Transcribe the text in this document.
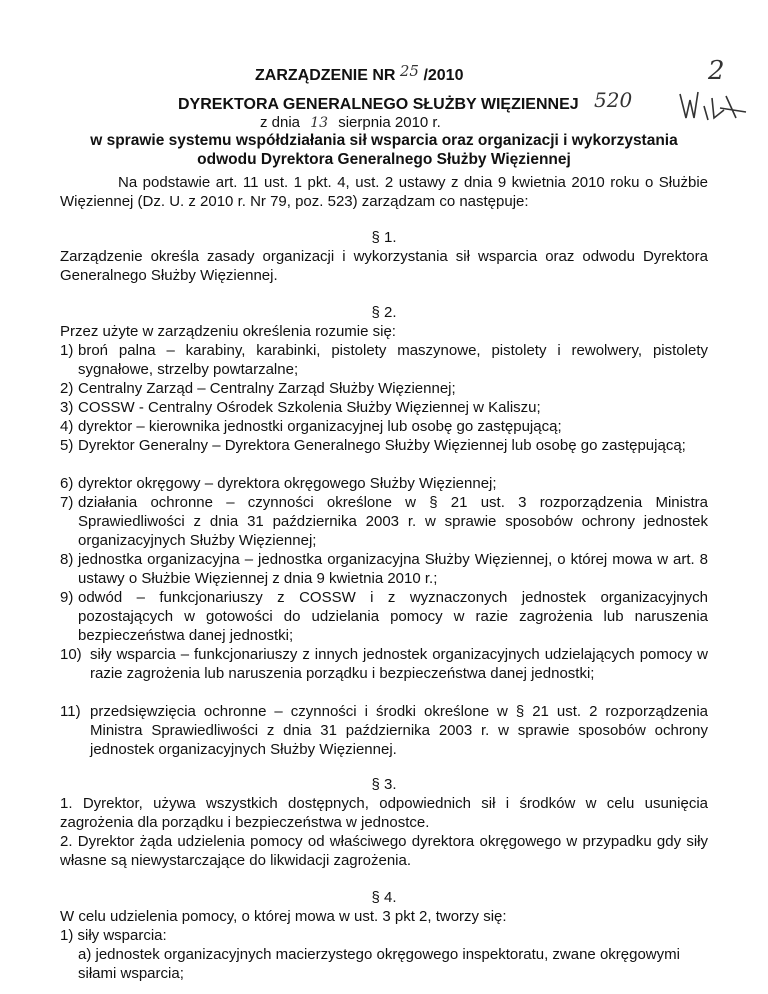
2
520
ZARZĄDZENIE NR 25 /2010
DYREKTORA GENERALNEGO SŁUŻBY WIĘZIENNEJ
z dnia 13 sierpnia 2010 r.
w sprawie systemu współdziałania sił wsparcia oraz organizacji i wykorzystania
odwodu Dyrektora Generalnego Służby Więziennej
Na podstawie art. 11 ust. 1 pkt. 4, ust. 2 ustawy z dnia 9 kwietnia 2010 roku o Służbie Więziennej (Dz. U. z 2010 r. Nr 79, poz. 523) zarządzam co następuje:
§ 1.
Zarządzenie określa zasady organizacji i wykorzystania sił wsparcia oraz odwodu Dyrektora Generalnego Służby Więziennej.
§ 2.
Przez użyte w zarządzeniu określenia rozumie się:
1) broń palna – karabiny, karabinki, pistolety maszynowe, pistolety i rewolwery, pistolety sygnałowe, strzelby powtarzalne;
2) Centralny Zarząd – Centralny Zarząd Służby Więziennej;
3) COSSW - Centralny Ośrodek Szkolenia Służby Więziennej w Kaliszu;
4) dyrektor – kierownika jednostki organizacyjnej lub osobę go zastępującą;
5) Dyrektor Generalny – Dyrektora Generalnego Służby Więziennej lub osobę go zastępującą;
6) dyrektor okręgowy – dyrektora okręgowego Służby Więziennej;
7) działania ochronne – czynności określone w § 21 ust. 3 rozporządzenia Ministra Sprawiedliwości z dnia 31 października 2003 r. w sprawie sposobów ochrony jednostek organizacyjnych Służby Więziennej;
8) jednostka organizacyjna – jednostka organizacyjna Służby Więziennej, o której mowa w art. 8 ustawy o Służbie Więziennej z dnia 9 kwietnia 2010 r.;
9) odwód – funkcjonariuszy z COSSW i z wyznaczonych jednostek organizacyjnych pozostających w gotowości do udzielania pomocy w razie zagrożenia lub naruszenia bezpieczeństwa danej jednostki;
10) siły wsparcia – funkcjonariuszy z innych jednostek organizacyjnych udzielających pomocy w razie zagrożenia lub naruszenia porządku i bezpieczeństwa danej jednostki;
11) przedsięwzięcia ochronne – czynności i środki określone w § 21 ust. 2 rozporządzenia Ministra Sprawiedliwości z dnia 31 października 2003 r. w sprawie sposobów ochrony jednostek organizacyjnych Służby Więziennej.
§ 3.
1. Dyrektor, używa wszystkich dostępnych, odpowiednich sił i środków w celu usunięcia zagrożenia dla porządku i bezpieczeństwa w jednostce.
2. Dyrektor żąda udzielenia pomocy od właściwego dyrektora okręgowego w przypadku gdy siły własne są niewystarczające do likwidacji zagrożenia.
§ 4.
W celu udzielenia pomocy, o której mowa w ust. 3 pkt 2, tworzy się:
1) siły wsparcia:
a) jednostek organizacyjnych macierzystego okręgowego inspektoratu, zwane okręgowymi siłami wsparcia;
